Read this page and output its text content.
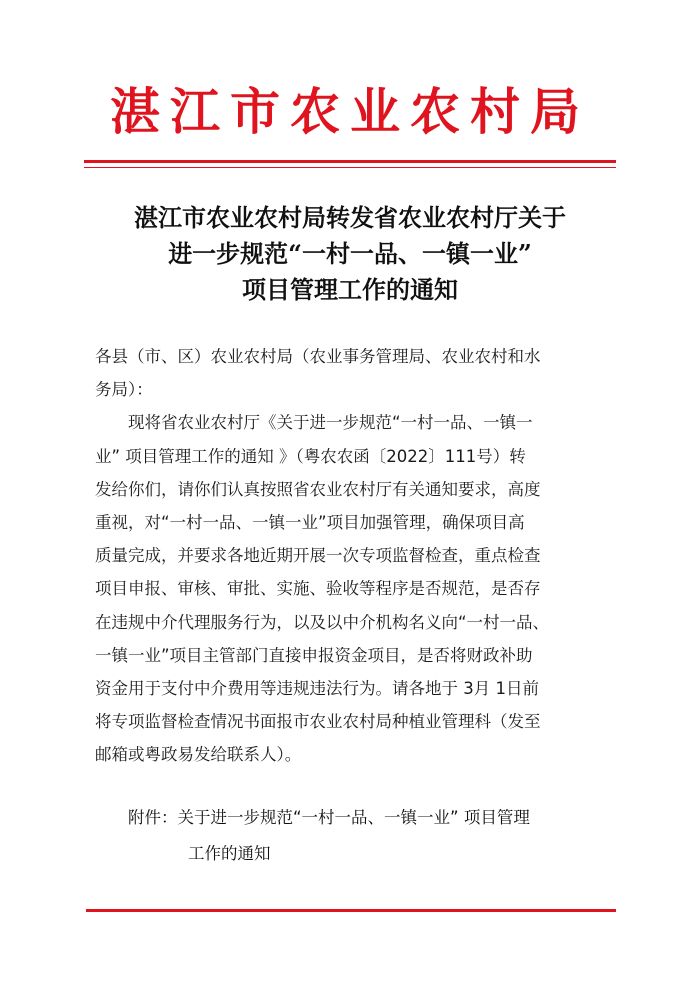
湛江市农业农村局
湛江市农业农村局转发省农业农村厅关于
进一步规范“一村一品、一镇一业”
项目管理工作的通知
各县（市、区）农业农村局（农业事务管理局、农业农村和水
务局）：
现将省农业农村厅《关于进一步规范“一村一品、一镇一
业” 项目管理工作的通知 》（粤农农函〔2022〕111号）转
发给你们，请你们认真按照省农业农村厅有关通知要求，高度
重视，对“一村一品、一镇一业”项目加强管理，确保项目高
质量完成，并要求各地近期开展一次专项监督检查，重点检查
项目申报、审核、审批、实施、验收等程序是否规范，是否存
在违规中介代理服务行为，以及以中介机构名义向“一村一品、
一镇一业”项目主管部门直接申报资金项目，是否将财政补助
资金用于支付中介费用等违规违法行为。请各地于 3月 1日前
将专项监督检查情况书面报市农业农村局种植业管理科（发至
邮箱或粤政易发给联系人）。
附件：关于进一步规范“一村一品、一镇一业” 项目管理
工作的通知
